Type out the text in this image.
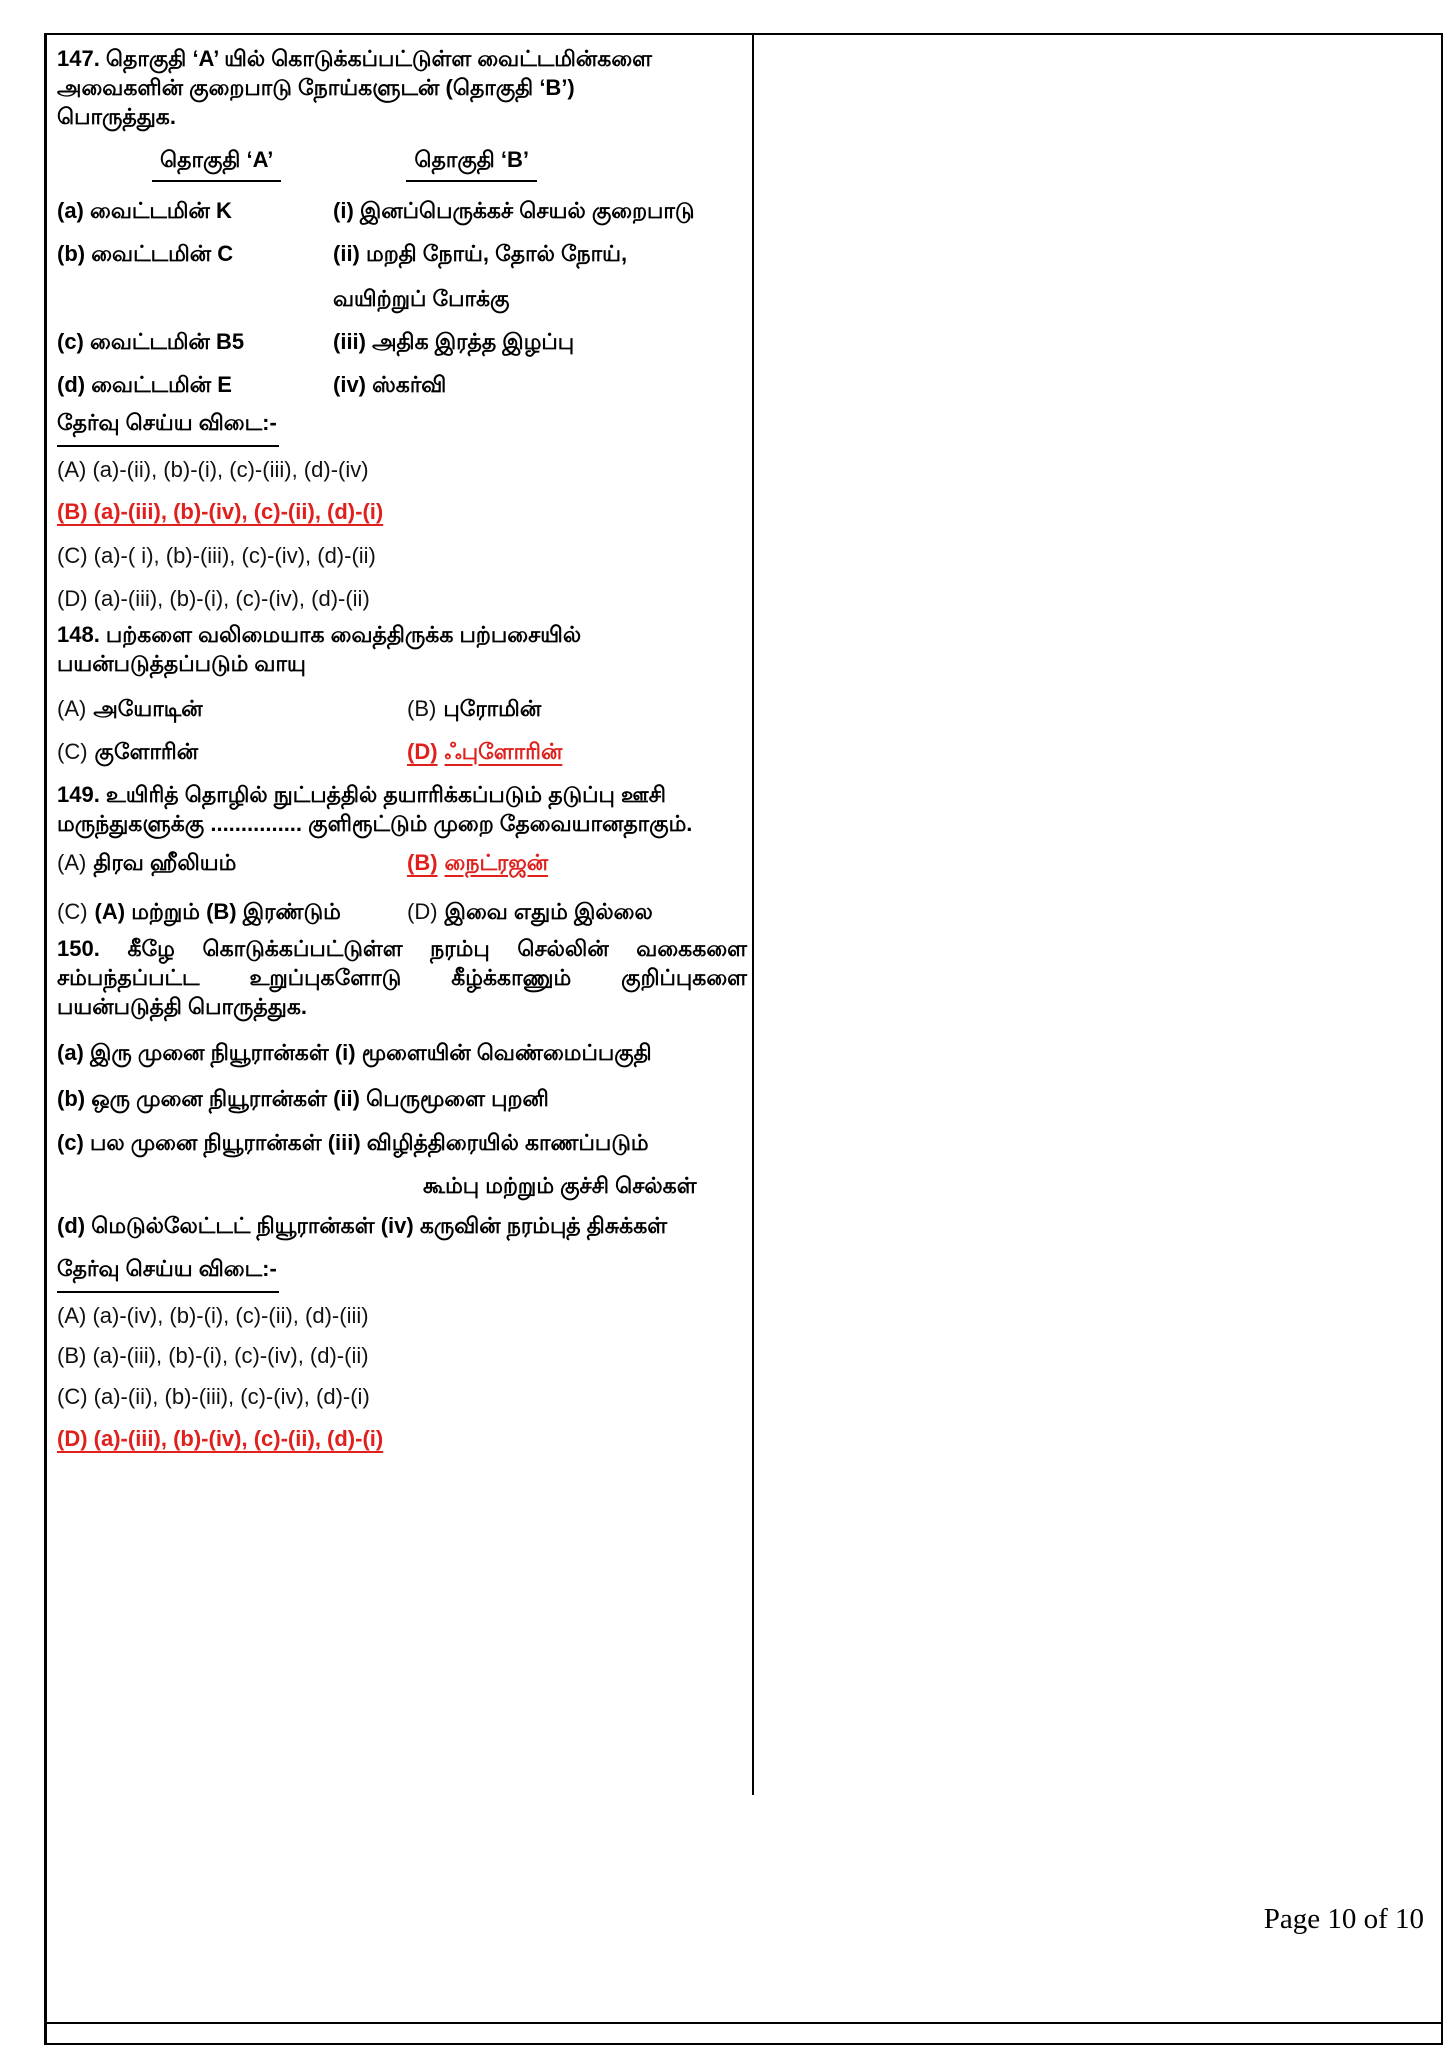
147. தொகுதி ‘A’ யில் கொடுக்கப்பட்டுள்ள வைட்டமின்களை
அவைகளின் குறைபாடு நோய்களுடன் (தொகுதி ‘B’)
பொருத்துக.
தொகுதி ‘A’	தொகுதி ‘B’
(a) வைட்டமின் K	(i) இனப்பெருக்கச் செயல் குறைபாடு
(b) வைட்டமின் C	(ii) மறதி நோய், தோல் நோய்,
வயிற்றுப் போக்கு
(c) வைட்டமின் B5	(iii) அதிக இரத்த இழப்பு
(d) வைட்டமின் E	(iv) ஸ்கர்வி
தேர்வு செய்ய விடை:-
(A) (a)-(ii), (b)-(i), (c)-(iii), (d)-(iv)
(B) (a)-(iii), (b)-(iv), (c)-(ii), (d)-(i)
(C) (a)-( i), (b)-(iii), (c)-(iv), (d)-(ii)
(D) (a)-(iii), (b)-(i), (c)-(iv), (d)-(ii)
148. பற்களை வலிமையாக வைத்திருக்க பற்பசையில்
பயன்படுத்தப்படும் வாயு
(A) அயோடின்	(B) புரோமின்
(C) குளோரின்	(D) ஃபுளோரின்
149. உயிரித் தொழில் நுட்பத்தில் தயாரிக்கப்படும் தடுப்பு ஊசி
மருந்துகளுக்கு ............... குளிரூட்டும் முறை தேவையானதாகும்.
(A) திரவ ஹீலியம்	(B) நைட்ரஜன்
(C) (A) மற்றும் (B) இரண்டும்	(D) இவை எதும் இல்லை
150. கீழே கொடுக்கப்பட்டுள்ள நரம்பு செல்லின் வகைகளை
சம்பந்தப்பட்ட உறுப்புகளோடு கீழ்க்காணும் குறிப்புகளை
பயன்படுத்தி பொருத்துக.
(a) இரு முனை நியூரான்கள் (i) மூளையின் வெண்மைப்பகுதி
(b) ஒரு முனை நியூரான்கள் (ii) பெருமூளை புறனி
(c) பல முனை நியூரான்கள் (iii) விழித்திரையில் காணப்படும்
கூம்பு மற்றும் குச்சி செல்கள்
(d) மெடுல்லேட்டட் நியூரான்கள் (iv) கருவின் நரம்புத் திசுக்கள்
தேர்வு செய்ய விடை:-
(A) (a)-(iv), (b)-(i), (c)-(ii), (d)-(iii)
(B) (a)-(iii), (b)-(i), (c)-(iv), (d)-(ii)
(C) (a)-(ii), (b)-(iii), (c)-(iv), (d)-(i)
(D) (a)-(iii), (b)-(iv), (c)-(ii), (d)-(i)
Page 10 of 10
